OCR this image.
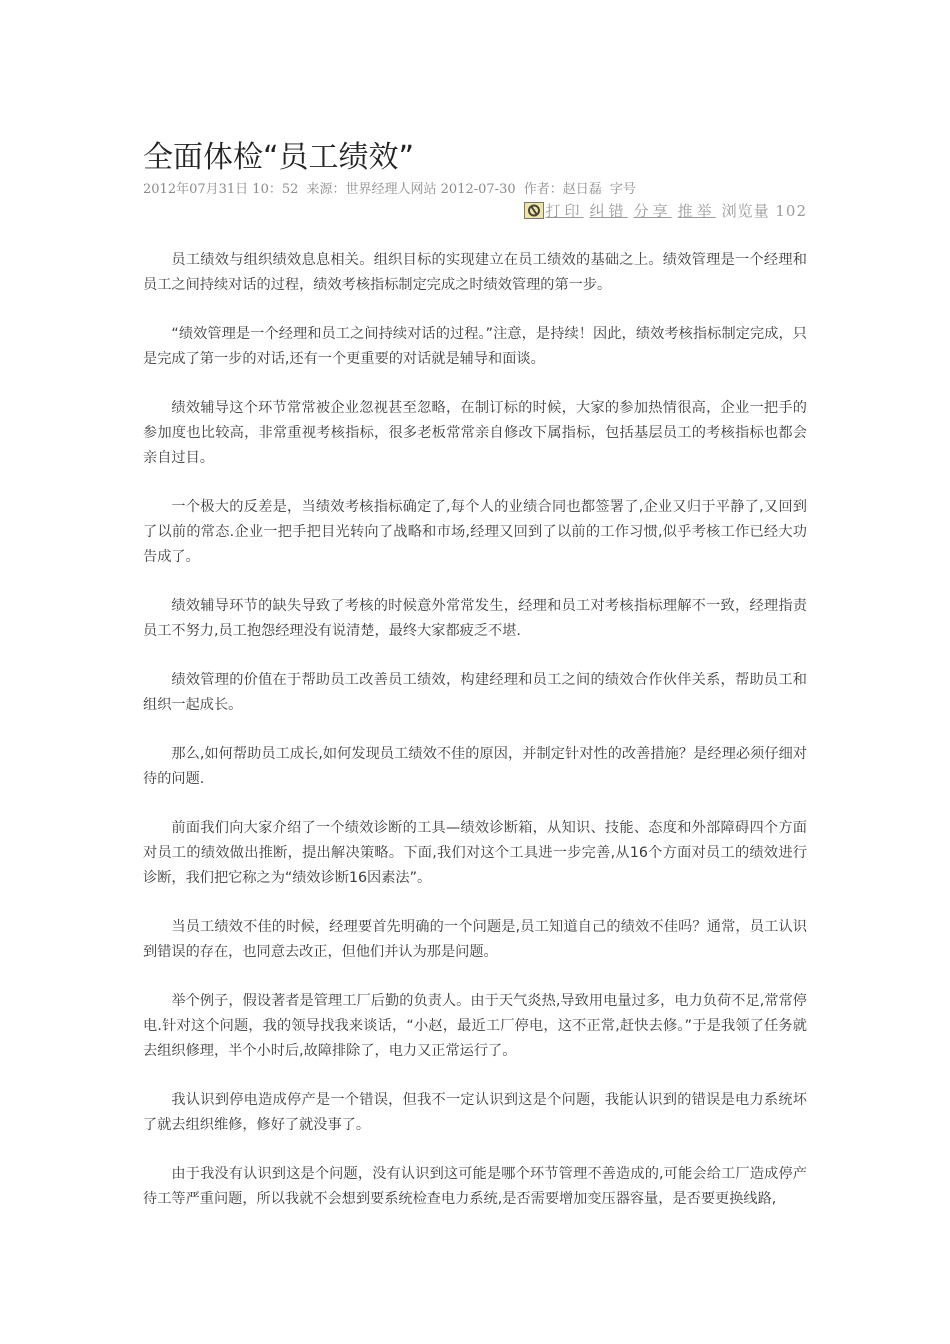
全面体检“员工绩效”
2012年07月31日 10：52 来源：世界经理人网站 2012-07-30 作者：赵日磊 字号
打印 纠错 分享 推举 浏览量 102

员工绩效与组织绩效息息相关。组织目标的实现建立在员工绩效的基础之上。绩效管理是一个经理和员工之间持续对话的过程，绩效考核指标制定完成之时绩效管理的第一步。

“绩效管理是一个经理和员工之间持续对话的过程。”注意，是持续！因此，绩效考核指标制定完成，只是完成了第一步的对话,还有一个更重要的对话就是辅导和面谈。

绩效辅导这个环节常常被企业忽视甚至忽略，在制订标的时候，大家的参加热情很高，企业一把手的参加度也比较高，非常重视考核指标，很多老板常常亲自修改下属指标，包括基层员工的考核指标也都会亲自过目。

一个极大的反差是，当绩效考核指标确定了,每个人的业绩合同也都签署了,企业又归于平静了,又回到了以前的常态.企业一把手把目光转向了战略和市场,经理又回到了以前的工作习惯,似乎考核工作已经大功告成了。

绩效辅导环节的缺失导致了考核的时候意外常常发生，经理和员工对考核指标理解不一致，经理指责员工不努力,员工抱怨经理没有说清楚，最终大家都疲乏不堪.

绩效管理的价值在于帮助员工改善员工绩效，构建经理和员工之间的绩效合作伙伴关系，帮助员工和组织一起成长。

那么,如何帮助员工成长,如何发现员工绩效不佳的原因，并制定针对性的改善措施？是经理必须仔细对待的问题.

前面我们向大家介绍了一个绩效诊断的工具—绩效诊断箱，从知识、技能、态度和外部障碍四个方面对员工的绩效做出推断，提出解决策略。下面,我们对这个工具进一步完善,从16个方面对员工的绩效进行诊断，我们把它称之为“绩效诊断16因素法”。

当员工绩效不佳的时候，经理要首先明确的一个问题是,员工知道自己的绩效不佳吗？通常，员工认识到错误的存在，也同意去改正，但他们并认为那是问题。

举个例子，假设著者是管理工厂后勤的负责人。由于天气炎热,导致用电量过多，电力负荷不足,常常停电.针对这个问题，我的领导找我来谈话，“小赵，最近工厂停电，这不正常,赶快去修。”于是我领了任务就去组织修理，半个小时后,故障排除了，电力又正常运行了。

我认识到停电造成停产是一个错误，但我不一定认识到这是个问题，我能认识到的错误是电力系统坏了就去组织维修，修好了就没事了。

由于我没有认识到这是个问题，没有认识到这可能是哪个环节管理不善造成的,可能会给工厂造成停产待工等严重问题，所以我就不会想到要系统检查电力系统,是否需要增加变压器容量，是否要更换线路,
